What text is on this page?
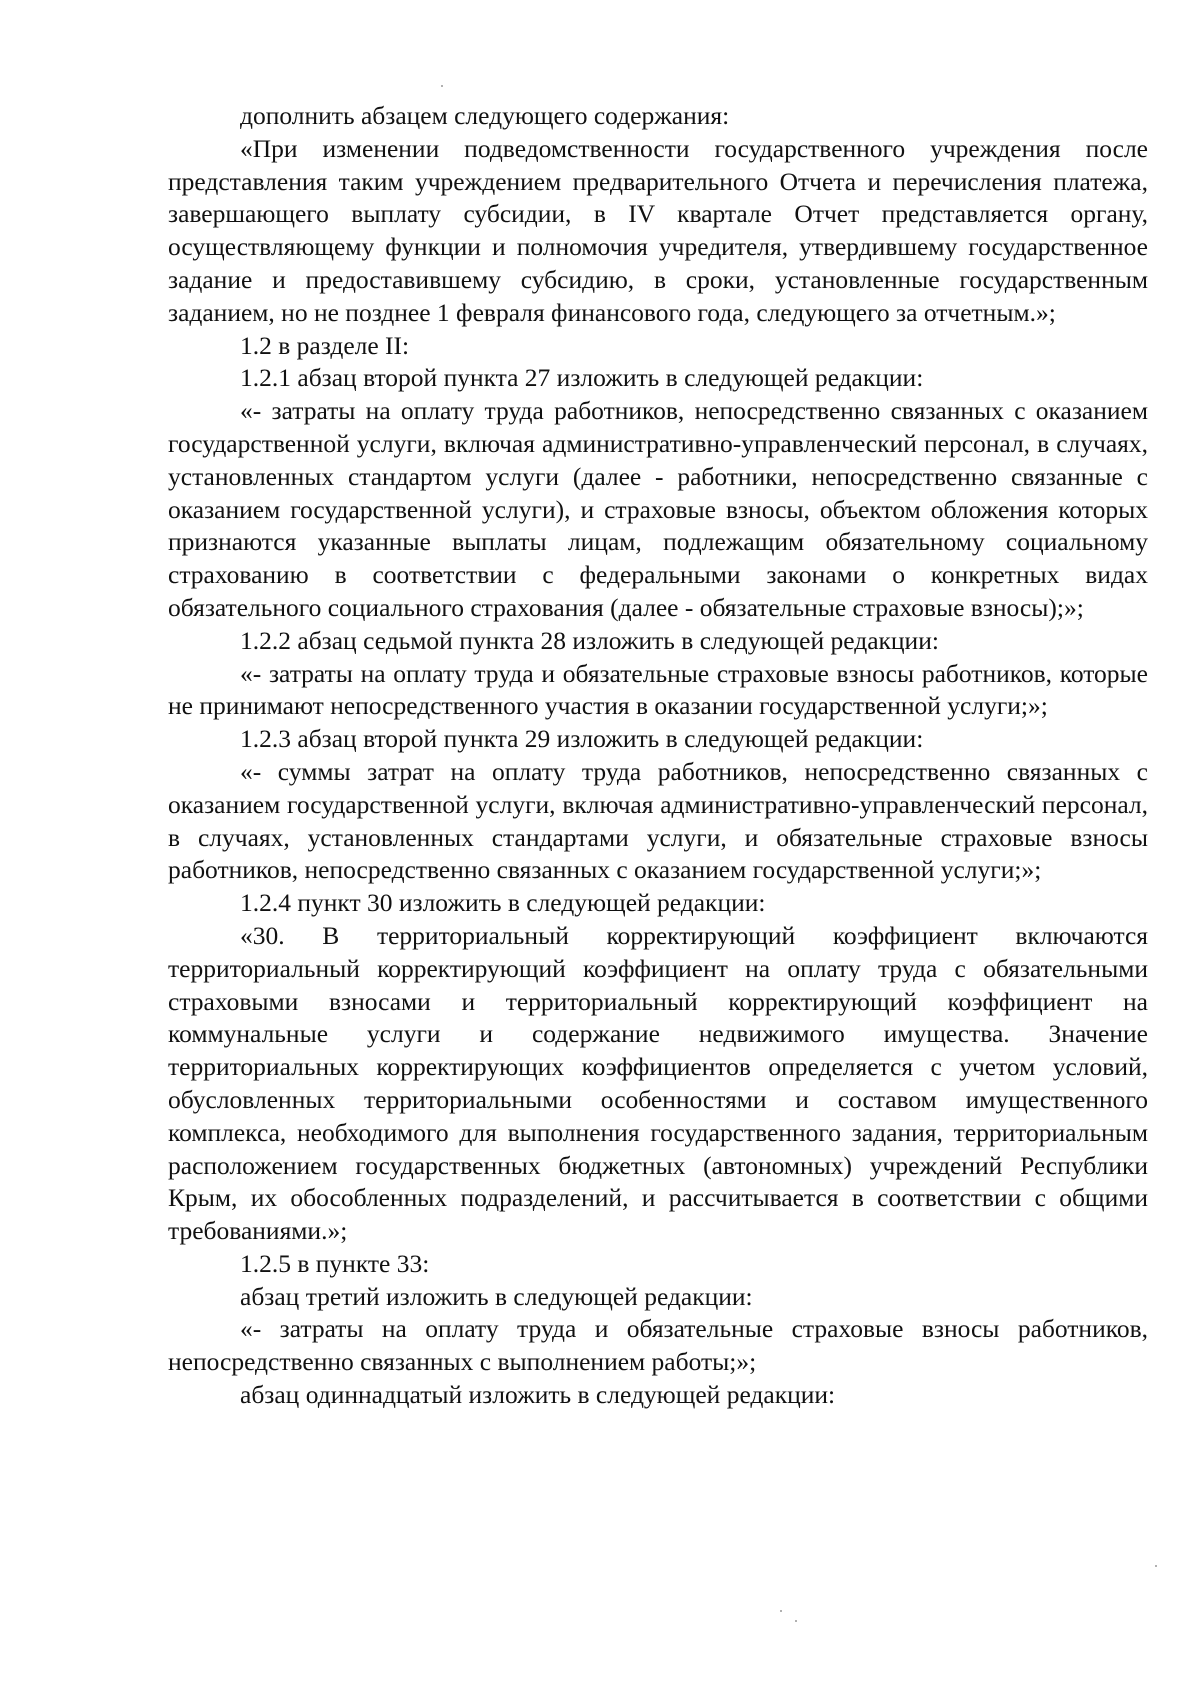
дополнить абзацем следующего содержания:

«При изменении подведомственности государственного учреждения после представления таким учреждением предварительного Отчета и перечисления платежа, завершающего выплату субсидии, в IV квартале Отчет представляется органу, осуществляющему функции и полномочия учредителя, утвердившему государственное задание и предоставившему субсидию, в сроки, установленные государственным заданием, но не позднее 1 февраля финансового года, следующего за отчетным.»;

1.2 в разделе II:

1.2.1 абзац второй пункта 27 изложить в следующей редакции:

«- затраты на оплату труда работников, непосредственно связанных с оказанием государственной услуги, включая административно-управленческий персонал, в случаях, установленных стандартом услуги (далее - работники, непосредственно связанные с оказанием государственной услуги), и страховые взносы, объектом обложения которых признаются указанные выплаты лицам, подлежащим обязательному социальному страхованию в соответствии с федеральными законами о конкретных видах обязательного социального страхования (далее - обязательные страховые взносы);»;

1.2.2 абзац седьмой пункта 28 изложить в следующей редакции:

«- затраты на оплату труда и обязательные страховые взносы работников, которые не принимают непосредственного участия в оказании государственной услуги;»;

1.2.3 абзац второй пункта 29 изложить в следующей редакции:

«- суммы затрат на оплату труда работников, непосредственно связанных с оказанием государственной услуги, включая административно-управленческий персонал, в случаях, установленных стандартами услуги, и обязательные страховые взносы работников, непосредственно связанных с оказанием государственной услуги;»;

1.2.4 пункт 30 изложить в следующей редакции:

«30. В территориальный корректирующий коэффициент включаются территориальный корректирующий коэффициент на оплату труда с обязательными страховыми взносами и территориальный корректирующий коэффициент на коммунальные услуги и содержание недвижимого имущества. Значение территориальных корректирующих коэффициентов определяется с учетом условий, обусловленных территориальными особенностями и составом имущественного комплекса, необходимого для выполнения государственного задания, территориальным расположением государственных бюджетных (автономных) учреждений Республики Крым, их обособленных подразделений, и рассчитывается в соответствии с общими требованиями.»;

1.2.5 в пункте 33:

абзац третий изложить в следующей редакции:

«- затраты на оплату труда и обязательные страховые взносы работников, непосредственно связанных с выполнением работы;»;

абзац одиннадцатый изложить в следующей редакции:
